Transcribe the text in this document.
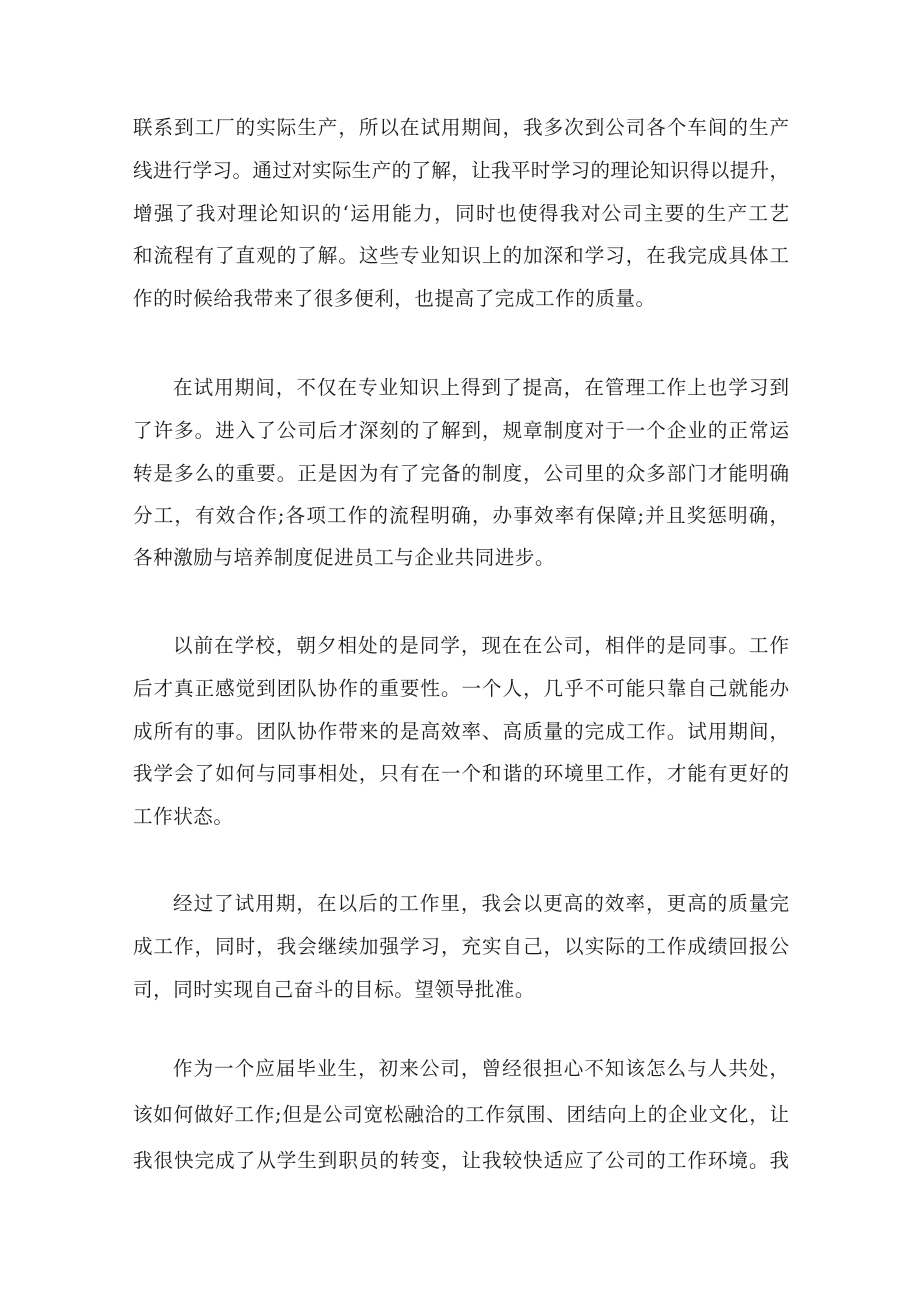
联系到工厂的实际生产，所以在试用期间，我多次到公司各个车间的生产
线进行学习。通过对实际生产的了解，让我平时学习的理论知识得以提升，
增强了我对理论知识的‘运用能力，同时也使得我对公司主要的生产工艺
和流程有了直观的了解。这些专业知识上的加深和学习，在我完成具体工
作的时候给我带来了很多便利，也提高了完成工作的质量。
在试用期间，不仅在专业知识上得到了提高，在管理工作上也学习到
了许多。进入了公司后才深刻的了解到，规章制度对于一个企业的正常运
转是多么的重要。正是因为有了完备的制度，公司里的众多部门才能明确
分工，有效合作;各项工作的流程明确，办事效率有保障;并且奖惩明确，
各种激励与培养制度促进员工与企业共同进步。
以前在学校，朝夕相处的是同学，现在在公司，相伴的是同事。工作
后才真正感觉到团队协作的重要性。一个人，几乎不可能只靠自己就能办
成所有的事。团队协作带来的是高效率、高质量的完成工作。试用期间，
我学会了如何与同事相处，只有在一个和谐的环境里工作，才能有更好的
工作状态。
经过了试用期，在以后的工作里，我会以更高的效率，更高的质量完
成工作，同时，我会继续加强学习，充实自己，以实际的工作成绩回报公
司，同时实现自己奋斗的目标。望领导批准。
作为一个应届毕业生，初来公司，曾经很担心不知该怎么与人共处，
该如何做好工作;但是公司宽松融洽的工作氛围、团结向上的企业文化，让
我很快完成了从学生到职员的转变，让我较快适应了公司的工作环境。我
